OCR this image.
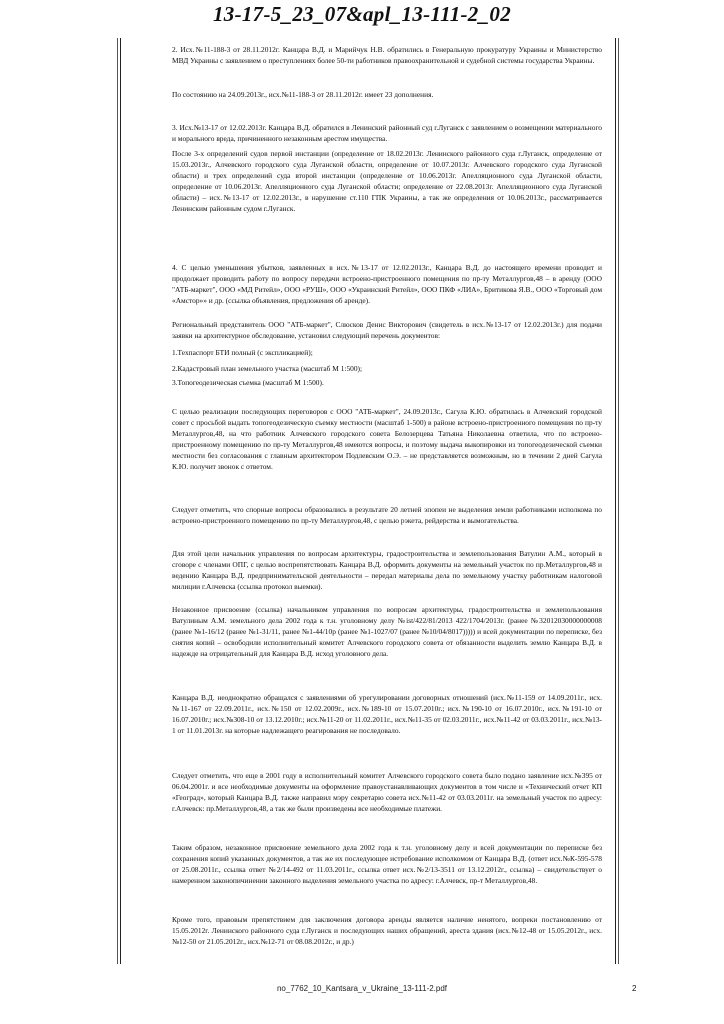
13-17-5_23_07&apl_13-111-2_02

2. Исх.№11-188-3 от 28.11.2012г. Канцара В.Д. и Марийчук Н.В. обратились в Генеральную прокуратуру Украины и Министерство МВД Украины с заявлением о преступлениях более 50-ти работников правоохранительной и судебной системы государства Украины.

По состоянию на 24.09.2013г., исх.№11-188-3 от 28.11.2012г. имеет 23 дополнения.

3. Исх.№13-17 от 12.02.2013г. Канцара В.Д. обратился в Ленинский районный суд г.Луганск с заявлением о возмещении материального и морального вреда, причиненного незаконным арестом имущества.

После 3-х определений судов первой инстанции (определение от 18.02.2013г. Ленинского районного суда г.Луганск, определение от 15.03.2013г., Алчевского городского суда Луганской области, определение от 10.07.2013г. Алчевского городского суда Луганской области) и трех определений суда второй инстанции (определение от 10.06.2013г. Апелляционного суда Луганской области, определение от 10.06.2013г. Апелляционного суда Луганской области; определение от 22.08.2013г. Апелляционного суда Луганской области) – исх.№13-17 от 12.02.2013г., в нарушение ст.110 ГПК Украины, а так же определения от 10.06.2013г., рассматривается Ленинским районным судом г.Луганск.

4. С целью уменьшения убытков, заявленных в исх.№13-17 от 12.02.2013г., Канцара В.Д. до настоящего времени проводит и продолжает проводить работу по вопросу передачи встроено-пристроенного помещения по пр-ту Металлургов,48 – в аренду (ООО "АТБ-маркет", ООО «МД Ритейл», ООО «РУШ», ООО «Украинский Ритейл», ООО ПКФ «ЛИА», Бритикова Я.В., ООО «Торговый дом «Амстор»» и др. (ссылка объявления, предложения об аренде).

Региональный представитель ООО "АТБ-маркет", Слюсков Денис Викторович (свидетель в исх.№13-17 от 12.02.2013г.) для подачи заявки на архитектурное обследование, установил следующий перечень документов:

1.Техпаспорт БТИ полный (с экспликацией);

2.Кадастровый план земельного участка (масштаб М 1:500);

3.Топогеодезическая съемка (масштаб М 1:500).

С целью реализации последующих переговоров с ООО "АТБ-маркет", 24.09.2013г., Сагула К.Ю. обратилась в Алчевский городской совет с просьбой выдать топогеодезическую съемку местности (масштаб 1-500) в районе встроено-пристроенного помещения по пр-ту Металлургов,48, на что работник Алчевского городского совета Белозерцева Татьяна Николаевна ответила, что по встроено-пристроенному помещению по пр-ту Металлургов,48 имеются вопросы, и поэтому выдача выкопировки из топогеодезической съемки местности без согласования с главным архитектором Подлевским О.Э. – не представляется возможным, но в течении 2 дней Сагула К.Ю. получит звонок с ответом.

Следует отметить, что спорные вопросы образовались в результате 20 летней эпопеи не выделения земли работниками исполкома по встроено-пристроенного помещению по пр-ту Металлургов,48, с целью рэкета, рейдерства и вымогательства.

Для этой цели начальник управления по вопросам архитектуры, градостроительства и землепользования Ватулин А.М., который в сговоре с членами ОПГ, с целью воспрепятствовать Канцара В.Д. оформить документы на земельный участок по пр.Металлургов,48 и ведению Канцара В.Д. предпринимательской деятельности – передал материалы дела по земельному участку работникам налоговой милиции г.Алчевска (ссылка протокол выемки).

Незаконное присвоение (ссылка) начальником управления по вопросам архитектуры, градостроительства и землепользования Ватулиным А.М. земельного дела 2002 года к т.н. уголовному делу №ist/422/81/2013 422/1704/2013г. (ранее №32012030000000008 (ранее №1-16/12 (ранее №1-31/11, ранее №1-44/10р (ранее №1-1027/07 (ранее №10/04/8017))))) и всей документации по переписке, без снятия копий – освободили исполнительный комитет Алчевского городского совета от обязанности выделить землю Канцара В.Д. в надежде на отрицательный для Канцара В.Д. исход уголовного дела.

Канцара В.Д. неоднократно обращался с заявлениями об урегулировании договорных отношений (исх.№11-159 от 14.09.2011г., исх.№11-167 от 22.09.2011г., исх.№150 от 12.02.2009г., исх.№189-10 от 15.07.2010г.; исх.№190-10 от 16.07.2010г., исх.№191-10 от 16.07.2010г.; исх.№308-10 от 13.12.2010г.; исх.№11-20 от 11.02.2011г., исх.№11-35 от 02.03.2011г., исх.№11-42 от 03.03.2011г., исх.№13-1 от 11.01.2013г. на которые надлежащего реагирования не последовало.

Следует отметить, что еще в 2001 году в исполнительный комитет Алчевского городского совета было подано заявление исх.№395 от 06.04.2001г. и все необходимые документы на оформление правоустанавливающих документов в том числе и «Технический отчет КП «Геоград», который Канцара В.Д. также направил мэру секретарю совета исх.№11-42 от 03.03.2011г. на земельный участок по адресу: г.Алчевск: пр.Металлургов,48, а так же были произведены все необходимые платежи.

Таким образом, незаконное присвоение земельного дела 2002 года к т.н. уголовному делу и всей документации по переписке без сохранения копий указанных документов, а так же их последующее истребование исполкомом от Канцара В.Д. (ответ исх.№К-595-578 от 25.08.2011г., ссылка ответ №2/14-492 от 11.03.2011г., ссылка ответ исх.№2/13-3511 от 13.12.2012г., ссылка) – свидетельствует о намеренном законопичинении законного выделения земельного участка по адресу: г.Алчевск, пр-т Металлургов,48.

Кроме того, правовым препятствием для заключения договора аренды является наличие ненятого, вопреки постановлению от 15.05.2012г. Ленинского районного суда г.Луганск и последующих наших обращений, ареста здания (исх.№12-48 от 15.05.2012г., исх.№12-50 от 21.05.2012г., исх.№12-71 от 08.08.2012г., и др.)

no_7762_10_Kantsara_v_Ukraine_13-111-2.pdf	2
